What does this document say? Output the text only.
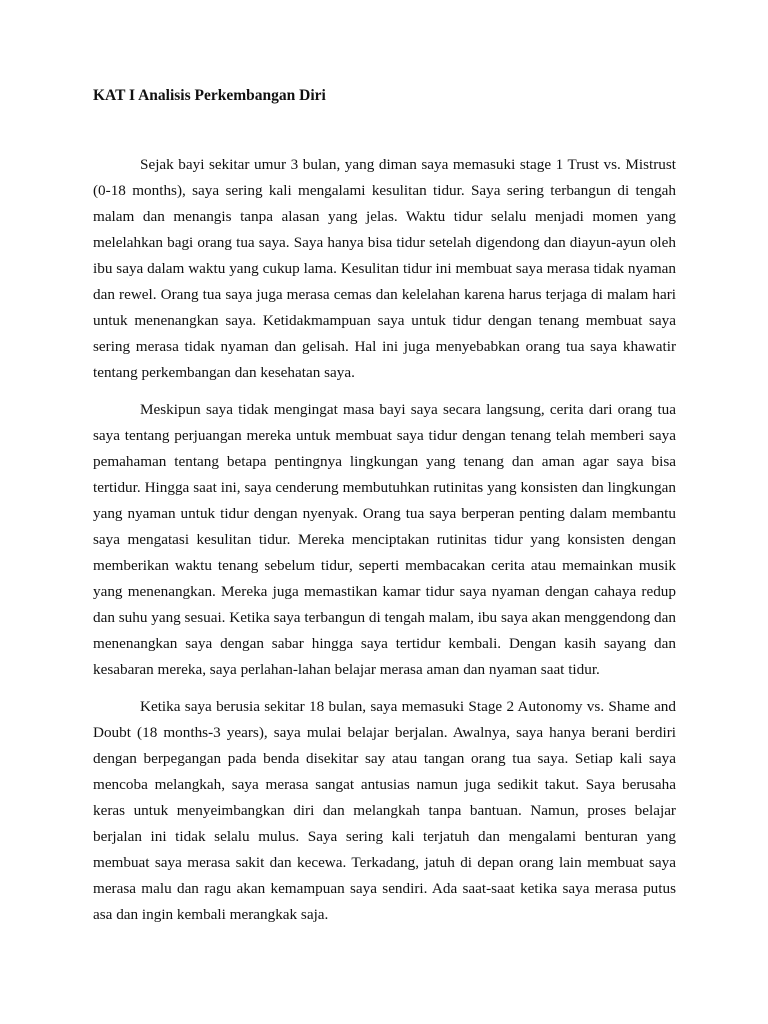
KAT I Analisis Perkembangan Diri

Sejak bayi sekitar umur 3 bulan, yang diman saya memasuki stage 1 Trust vs. Mistrust (0-18 months), saya sering kali mengalami kesulitan tidur. Saya sering terbangun di tengah malam dan menangis tanpa alasan yang jelas. Waktu tidur selalu menjadi momen yang melelahkan bagi orang tua saya. Saya hanya bisa tidur setelah digendong dan diayun-ayun oleh ibu saya dalam waktu yang cukup lama. Kesulitan tidur ini membuat saya merasa tidak nyaman dan rewel. Orang tua saya juga merasa cemas dan kelelahan karena harus terjaga di malam hari untuk menenangkan saya. Ketidakmampuan saya untuk tidur dengan tenang membuat saya sering merasa tidak nyaman dan gelisah. Hal ini juga menyebabkan orang tua saya khawatir tentang perkembangan dan kesehatan saya.

Meskipun saya tidak mengingat masa bayi saya secara langsung, cerita dari orang tua saya tentang perjuangan mereka untuk membuat saya tidur dengan tenang telah memberi saya pemahaman tentang betapa pentingnya lingkungan yang tenang dan aman agar saya bisa tertidur. Hingga saat ini, saya cenderung membutuhkan rutinitas yang konsisten dan lingkungan yang nyaman untuk tidur dengan nyenyak. Orang tua saya berperan penting dalam membantu saya mengatasi kesulitan tidur. Mereka menciptakan rutinitas tidur yang konsisten dengan memberikan waktu tenang sebelum tidur, seperti membacakan cerita atau memainkan musik yang menenangkan. Mereka juga memastikan kamar tidur saya nyaman dengan cahaya redup dan suhu yang sesuai. Ketika saya terbangun di tengah malam, ibu saya akan menggendong dan menenangkan saya dengan sabar hingga saya tertidur kembali. Dengan kasih sayang dan kesabaran mereka, saya perlahan-lahan belajar merasa aman dan nyaman saat tidur.

Ketika saya berusia sekitar 18 bulan, saya memasuki Stage 2 Autonomy vs. Shame and Doubt (18 months-3 years), saya mulai belajar berjalan. Awalnya, saya hanya berani berdiri dengan berpegangan pada benda disekitar say atau tangan orang tua saya. Setiap kali saya mencoba melangkah, saya merasa sangat antusias namun juga sedikit takut. Saya berusaha keras untuk menyeimbangkan diri dan melangkah tanpa bantuan. Namun, proses belajar berjalan ini tidak selalu mulus. Saya sering kali terjatuh dan mengalami benturan yang membuat saya merasa sakit dan kecewa. Terkadang, jatuh di depan orang lain membuat saya merasa malu dan ragu akan kemampuan saya sendiri. Ada saat-saat ketika saya merasa putus asa dan ingin kembali merangkak saja.
